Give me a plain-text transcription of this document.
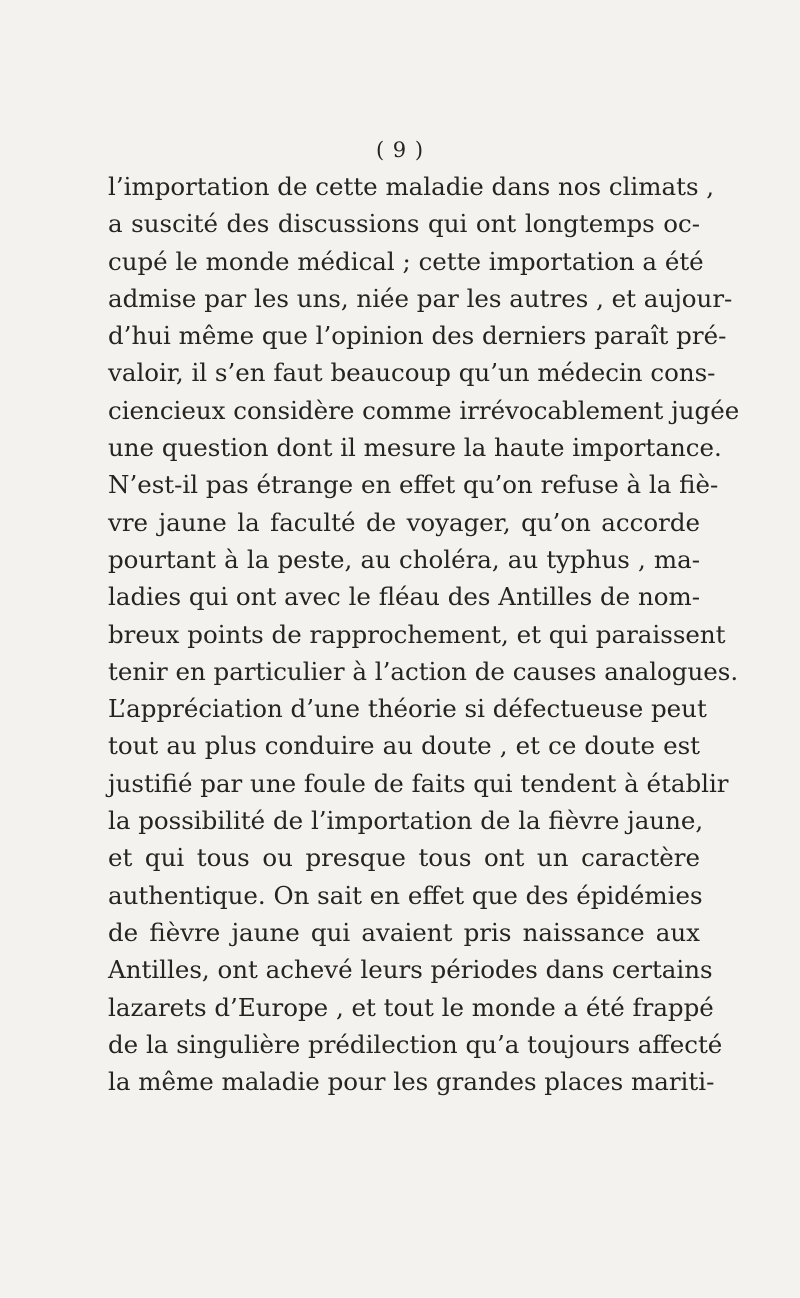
( 9 )
l’importation de cette maladie dans nos climats ,
a suscité des discussions qui ont longtemps oc-
cupé le monde médical ; cette importation a été
admise par les uns, niée par les autres , et aujour-
d’hui même que l’opinion des derniers paraît pré-
valoir, il s’en faut beaucoup qu’un médecin cons-
ciencieux considère comme irrévocablement jugée
une question dont il mesure la haute importance.
N’est-il pas étrange en effet qu’on refuse à la fiè-
vre jaune la faculté de voyager, qu’on accorde
pourtant à la peste, au choléra, au typhus , ma-
ladies qui ont avec le fléau des Antilles de nom-
breux points de rapprochement, et qui paraissent
tenir en particulier à l’action de causes analogues.
L’appréciation d’une théorie si défectueuse peut
tout au plus conduire au doute , et ce doute est
justifié par une foule de faits qui tendent à établir
la possibilité de l’importation de la fièvre jaune,
et qui tous ou presque tous ont un caractère
authentique. On sait en effet que des épidémies
de fièvre jaune qui avaient pris naissance aux
Antilles, ont achevé leurs périodes dans certains
lazarets d’Europe , et tout le monde a été frappé
de la singulière prédilection qu’a toujours affecté
la même maladie pour les grandes places mariti-
